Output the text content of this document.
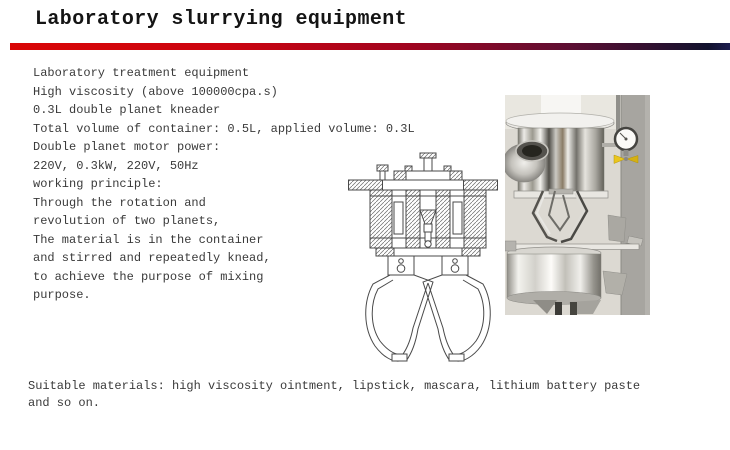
Laboratory slurrying equipment
Laboratory treatment equipment
High viscosity (above 100000cpa.s)
0.3L double planet kneader
Total volume of container: 0.5L, applied volume: 0.3L
Double planet motor power:
220V, 0.3kW, 220V, 50Hz
working principle:
Through the rotation and
revolution of two planets,
The material is in the container
and stirred and repeatedly knead,
to achieve the purpose of mixing
purpose.
Suitable materials: high viscosity ointment, lipstick, mascara, lithium battery paste
and so on.
